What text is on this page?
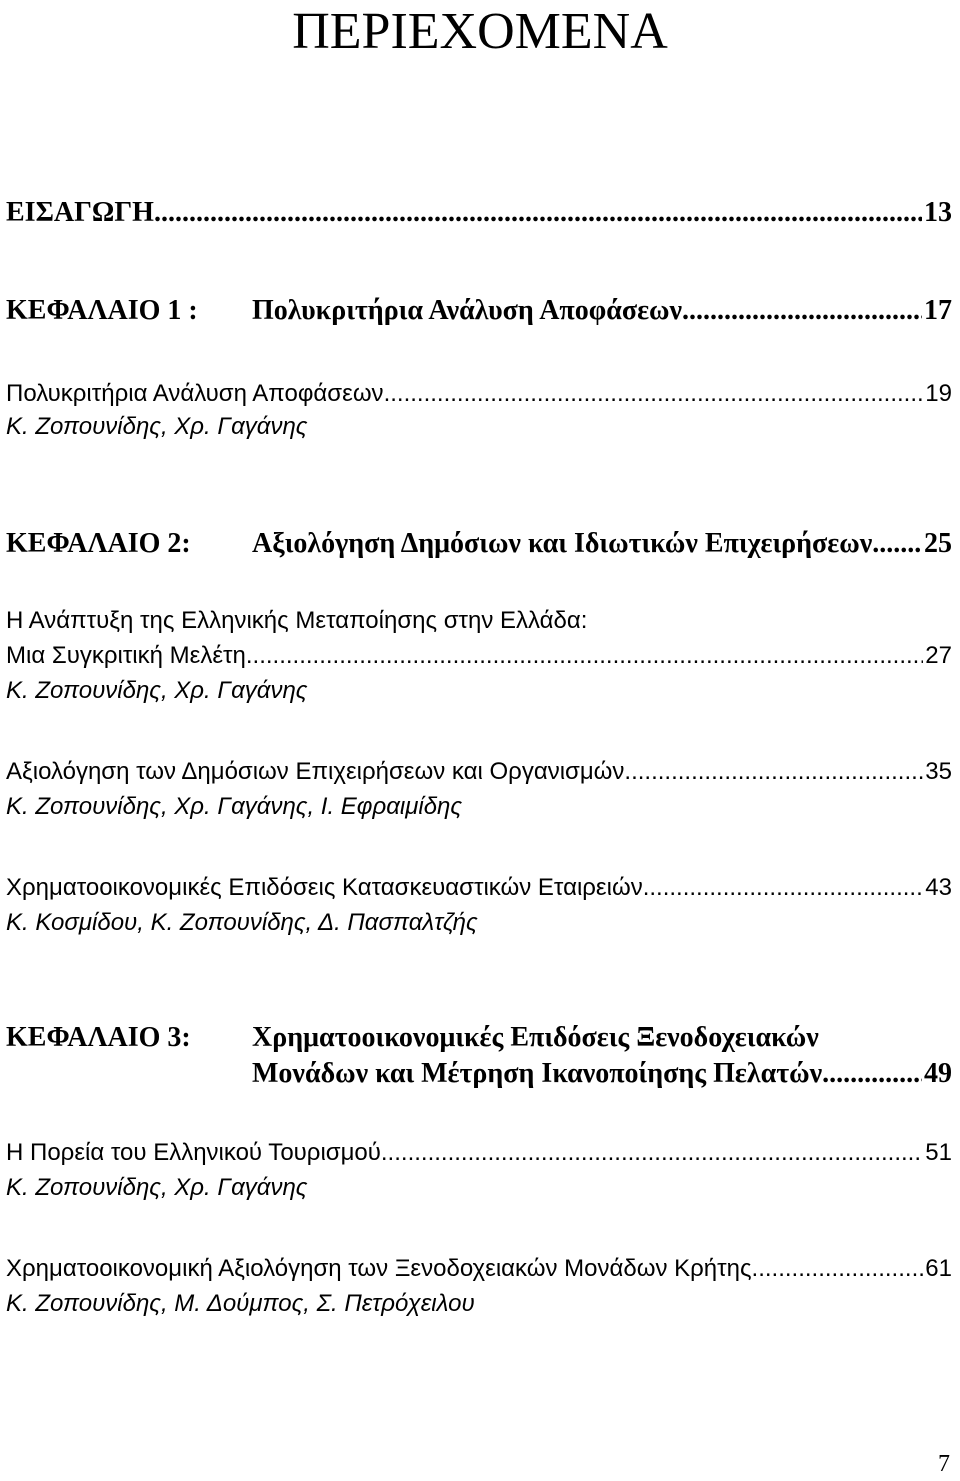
ΠΕΡΙΕΧΟΜΕΝΑ
ΕΙΣΑΓΩΓΗ .....	13
ΚΕΦΑΛΑΙΟ 1 : Πολυκριτήρια Ανάλυση Αποφάσεων .....	17
Πολυκριτήρια Ανάλυση Αποφάσεων .....	19
Κ. Ζοπουνίδης, Χρ. Γαγάνης
ΚΕΦΑΛΑΙΟ 2: Αξιολόγηση Δημόσιων και Ιδιωτικών Επιχειρήσεων ..... 25
Η Ανάπτυξη της Ελληνικής Μεταποίησης στην Ελλάδα:
Μια Συγκριτική Μελέτη .....	27
Κ. Ζοπουνίδης, Χρ. Γαγάνης
Αξιολόγηση των Δημόσιων Επιχειρήσεων και Οργανισμών .....	35
Κ. Ζοπουνίδης, Χρ. Γαγάνης, Ι. Εφραιμίδης
Χρηματοοικονομικές Επιδόσεις Κατασκευαστικών Εταιρειών .....	43
Κ. Κοσμίδου, Κ. Ζοπουνίδης, Δ. Πασπαλτζής
ΚΕΦΑΛΑΙΟ 3: Χρηματοοικονομικές Επιδόσεις Ξενοδοχειακών
Μονάδων και Μέτρηση Ικανοποίησης Πελατών .....	49
Η Πορεία του Ελληνικού Τουρισμού .....	51
Κ. Ζοπουνίδης, Χρ. Γαγάνης
Χρηματοοικονομική Αξιολόγηση των Ξενοδοχειακών Μονάδων Κρήτης .....	61
Κ. Ζοπουνίδης, Μ. Δούμπος, Σ. Πετρόχειλου
7
